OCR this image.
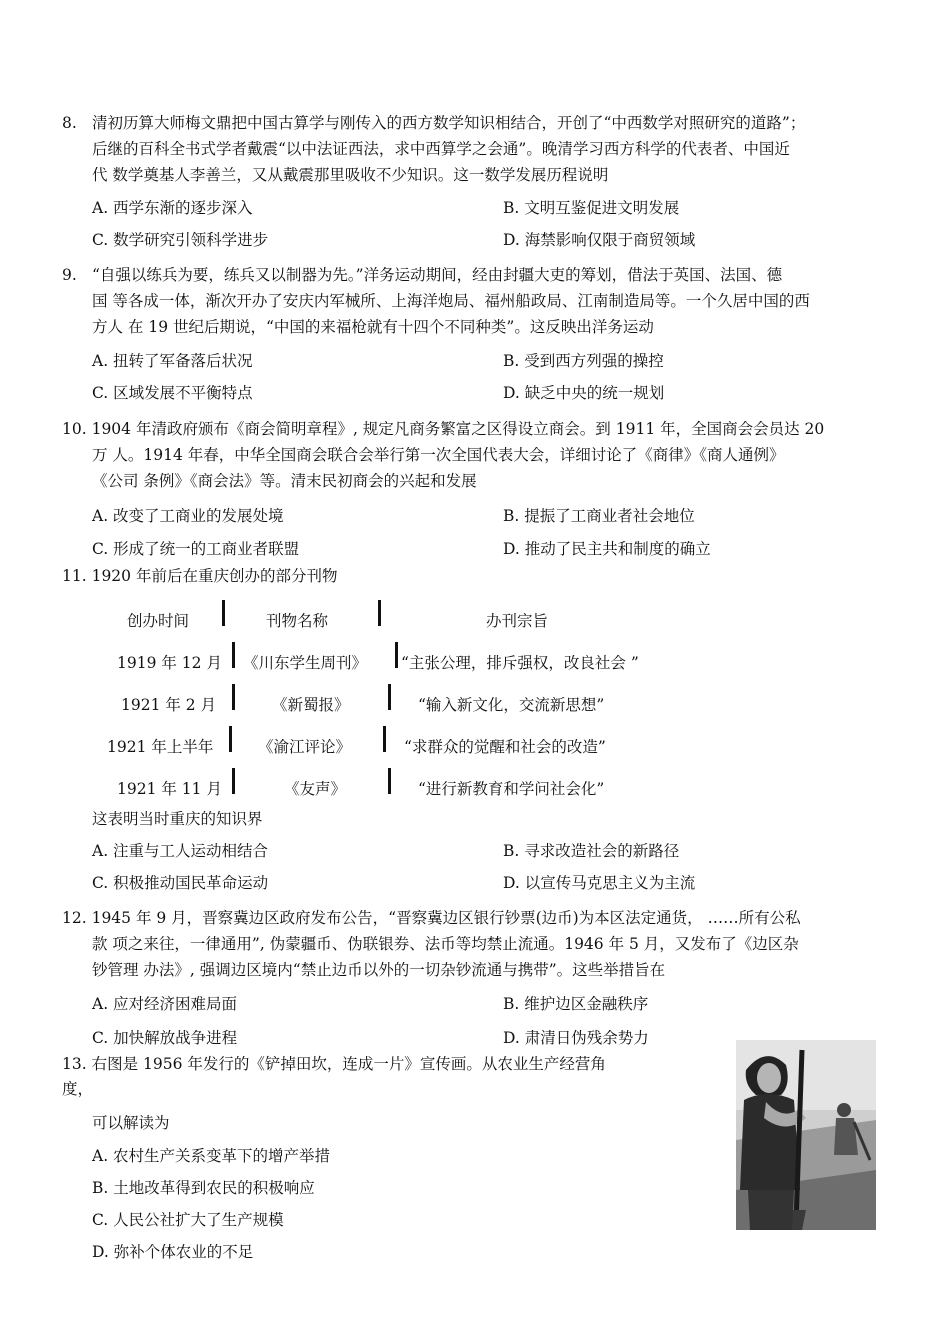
8. 清初历算大师梅文鼎把中国古算学与刚传入的西方数学知识相结合，开创了“中西数学对照研究的道路”；
后继的百科全书式学者戴震“以中法证西法，求中西算学之会通”。晚清学习西方科学的代表者、中国近
代 数学奠基人李善兰，又从戴震那里吸收不少知识。这一数学发展历程说明
A. 西学东渐的逐步深入	B. 文明互鉴促进文明发展
C. 数学研究引领科学进步	D. 海禁影响仅限于商贸领域
9. “自强以练兵为要，练兵又以制器为先。”洋务运动期间，经由封疆大吏的筹划，借法于英国、法国、德
国 等各成一体，渐次开办了安庆内军械所、上海洋炮局、福州船政局、江南制造局等。一个久居中国的西
方人 在 19 世纪后期说，“中国的来福枪就有十四个不同种类”。这反映出洋务运动
A. 扭转了军备落后状况	B. 受到西方列强的操控
C. 区域发展不平衡特点	D. 缺乏中央的统一规划
10. 1904 年清政府颁布《商会简明章程》, 规定凡商务繁富之区得设立商会。到 1911 年，全国商会会员达 20
万 人。1914 年春，中华全国商会联合会举行第一次全国代表大会，详细讨论了《商律》《商人通例》
《公司 条例》《商会法》等。清末民初商会的兴起和发展
A. 改变了工商业的发展处境	B. 提振了工商业者社会地位
C. 形成了统一的工商业者联盟	D. 推动了民主共和制度的确立
11. 1920 年前后在重庆创办的部分刊物
创办时间	刊物名称	办刊宗旨
1919 年 12 月 《川东学生周刊》 “主张公理，排斥强权，改良社会 ”
1921 年 2 月	《新蜀报》	“输入新文化，交流新思想”
1921 年上半年	《渝江评论》	“求群众的觉醒和社会的改造”
1921 年 11 月	《友声》	“进行新教育和学问社会化”
这表明当时重庆的知识界
A. 注重与工人运动相结合	B. 寻求改造社会的新路径
C. 积极推动国民革命运动	D. 以宣传马克思主义为主流
12. 1945 年 9 月，晋察冀边区政府发布公告，“晋察冀边区银行钞票(边币)为本区法定通货， ……所有公私
款 项之来往，一律通用”, 伪蒙疆币、伪联银券、法币等均禁止流通。1946 年 5 月，又发布了《边区杂
钞管理 办法》, 强调边区境内“禁止边币以外的一切杂钞流通与携带”。这些举措旨在
A. 应对经济困难局面	B. 维护边区金融秩序
C. 加快解放战争进程	D. 肃清日伪残余势力
13. 右图是 1956 年发行的《铲掉田坎，连成一片》宣传画。从农业生产经营角
度，
可以解读为
A. 农村生产关系变革下的增产举措
B. 土地改革得到农民的积极响应
C. 人民公社扩大了生产规模
D. 弥补个体农业的不足
